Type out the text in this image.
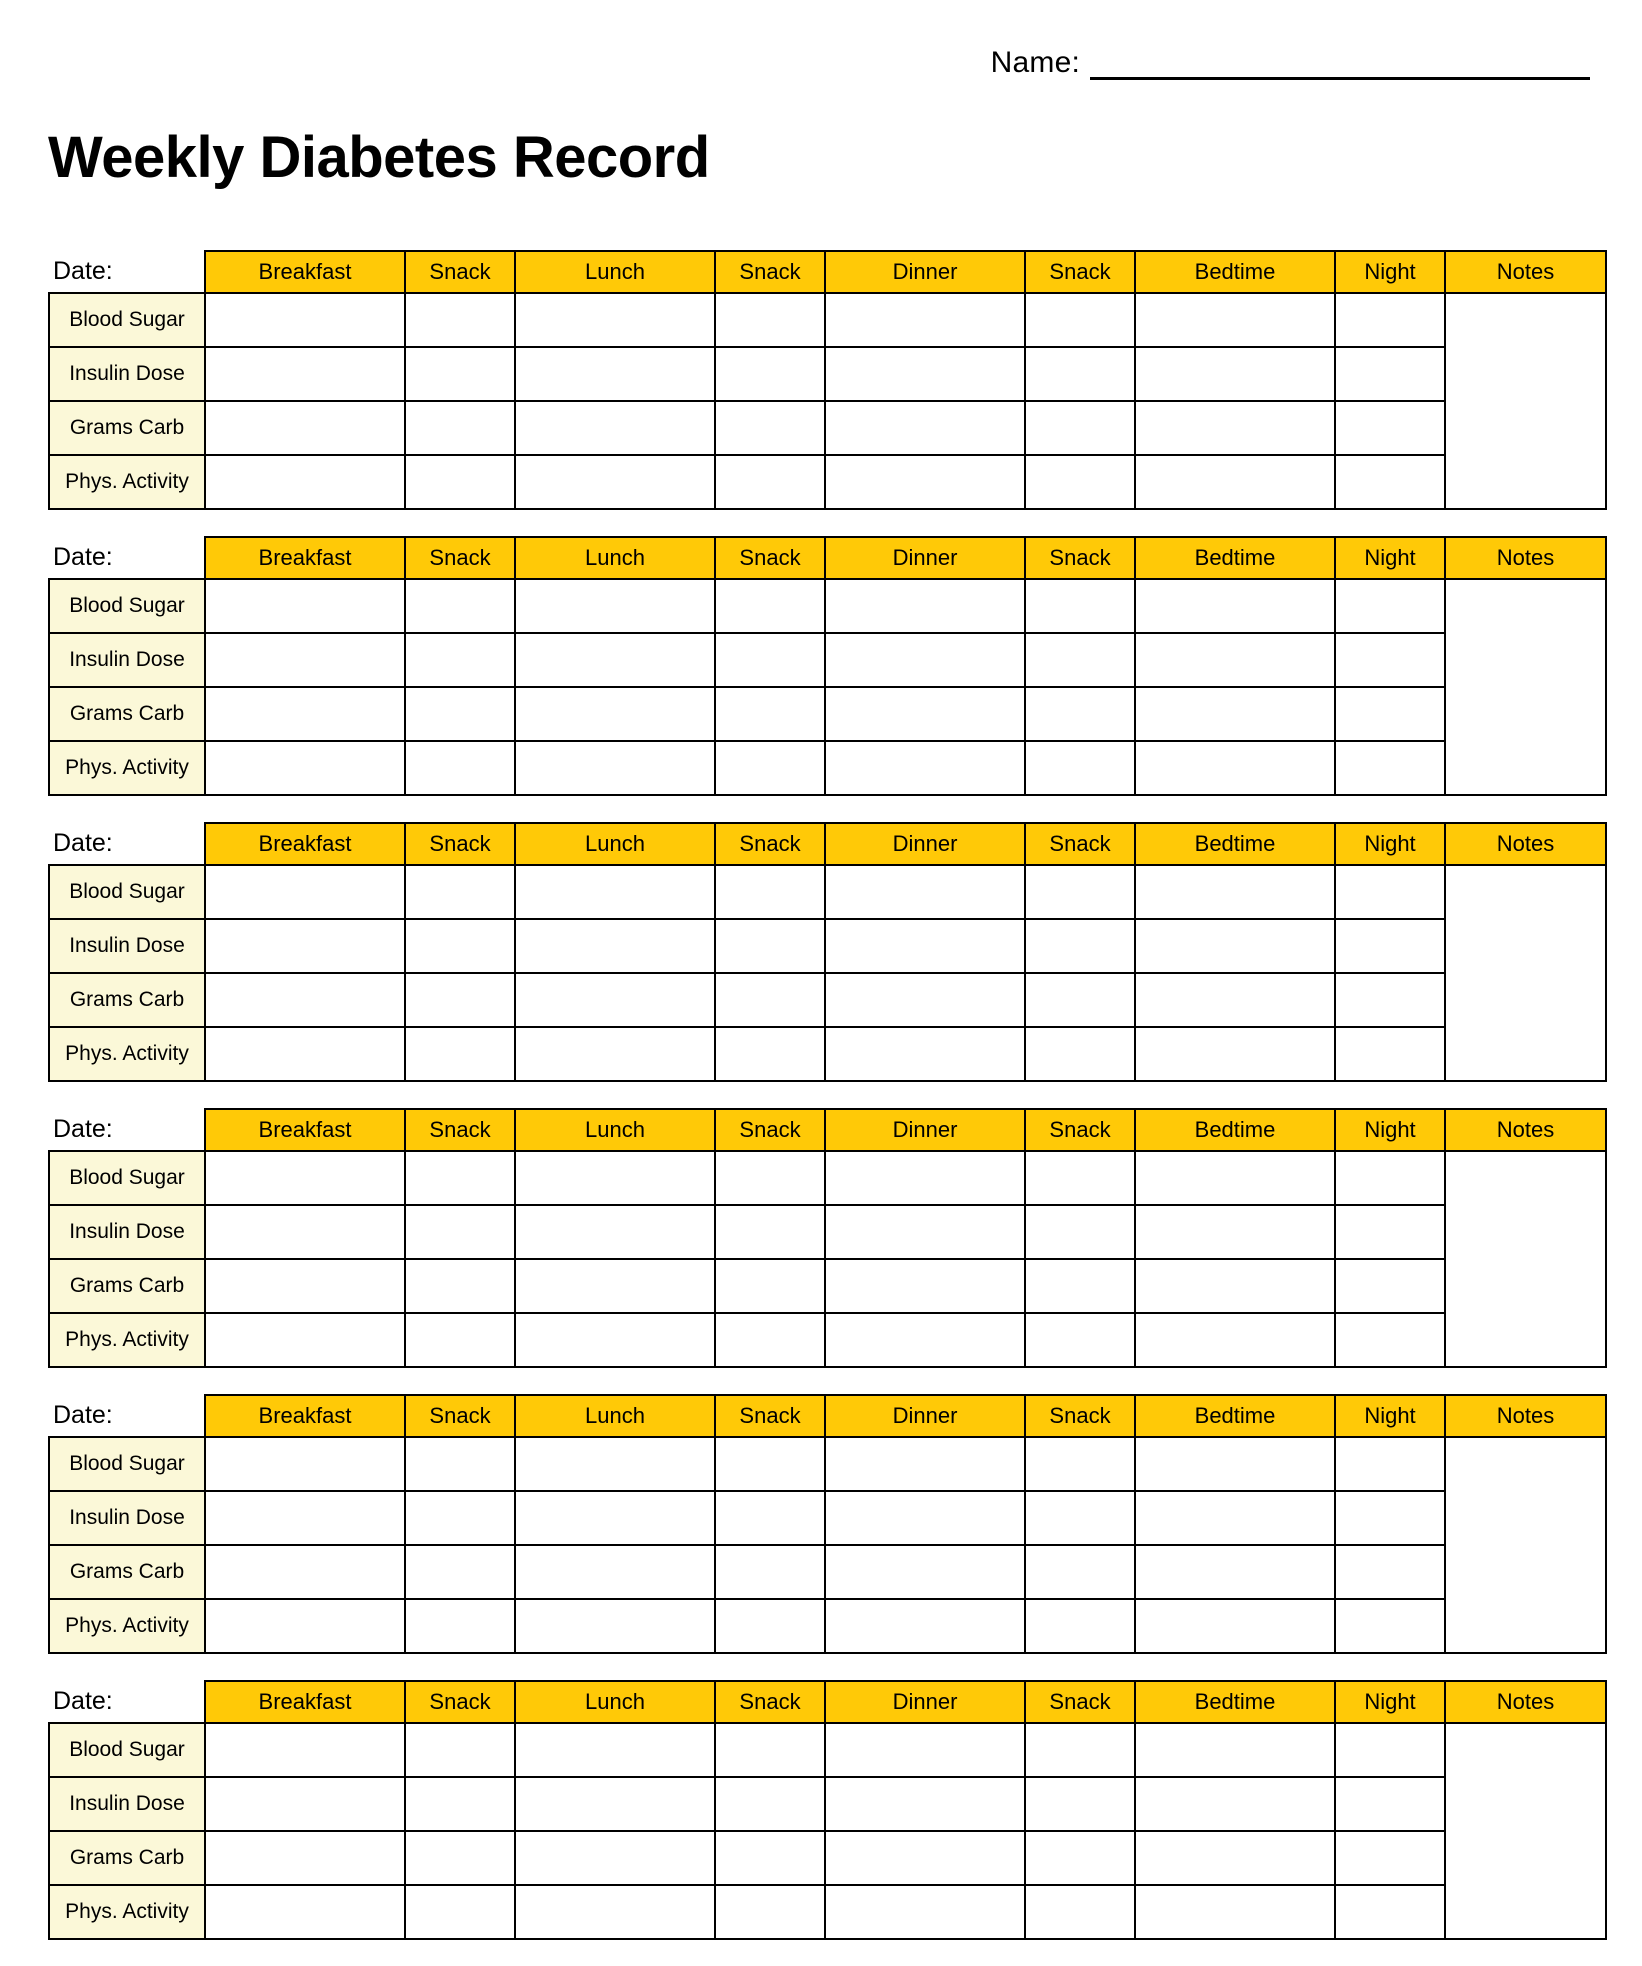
Name:
Weekly Diabetes Record
Date:	Breakfast	Snack	Lunch	Snack	Dinner	Snack	Bedtime	Night	Notes
Blood Sugar									
Insulin Dose									
Grams Carb									
Phys. Activity									
Date:	Breakfast	Snack	Lunch	Snack	Dinner	Snack	Bedtime	Night	Notes
Blood Sugar									
Insulin Dose									
Grams Carb									
Phys. Activity									
Date:	Breakfast	Snack	Lunch	Snack	Dinner	Snack	Bedtime	Night	Notes
Blood Sugar									
Insulin Dose									
Grams Carb									
Phys. Activity									
Date:	Breakfast	Snack	Lunch	Snack	Dinner	Snack	Bedtime	Night	Notes
Blood Sugar									
Insulin Dose									
Grams Carb									
Phys. Activity									
Date:	Breakfast	Snack	Lunch	Snack	Dinner	Snack	Bedtime	Night	Notes
Blood Sugar									
Insulin Dose									
Grams Carb									
Phys. Activity									
Date:	Breakfast	Snack	Lunch	Snack	Dinner	Snack	Bedtime	Night	Notes
Blood Sugar									
Insulin Dose									
Grams Carb									
Phys. Activity									
